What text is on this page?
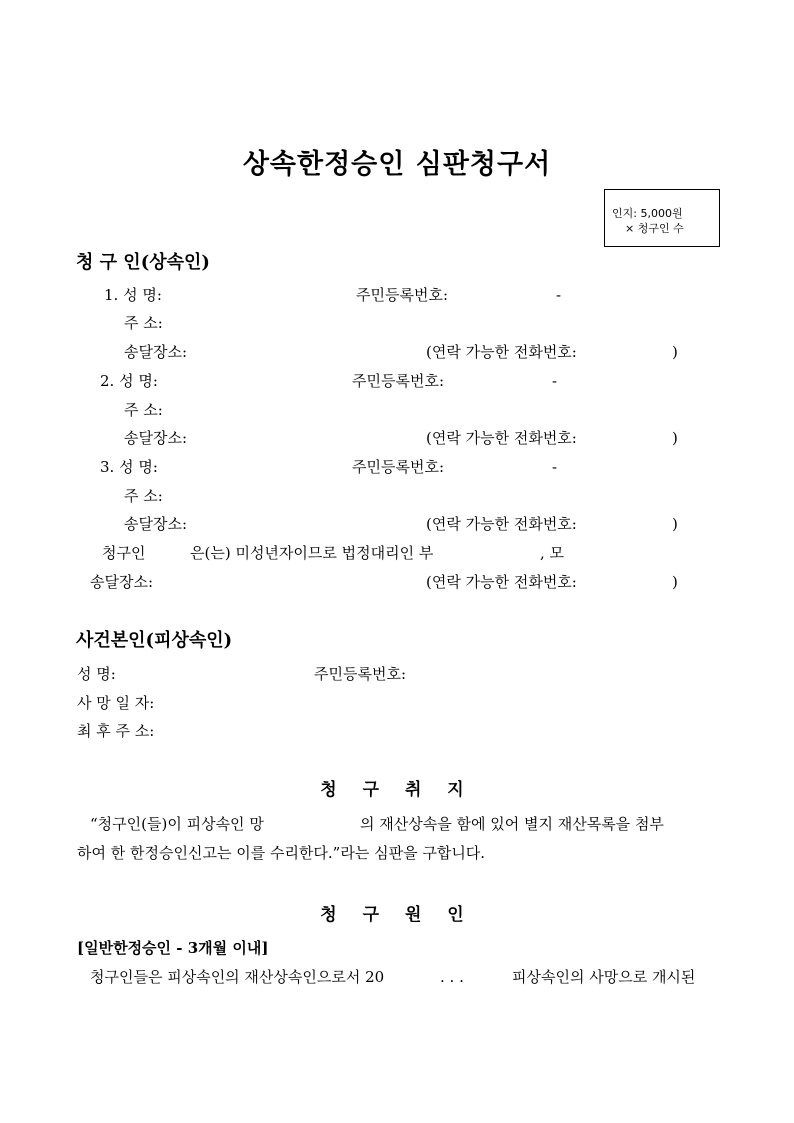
상속한정승인 심판청구서
인지: 5,000원
× 청구인 수
청 구 인(상속인)
1. 성 명:	주민등록번호:	-
주 소:
송달장소:	(연락 가능한 전화번호:	)
2. 성 명:	주민등록번호:	-
주 소:
송달장소:	(연락 가능한 전화번호:	)
3. 성 명:	주민등록번호:	-
주 소:
송달장소:	(연락 가능한 전화번호:	)
청구인	은(는) 미성년자이므로 법정대리인 부	, 모
송달장소:	(연락 가능한 전화번호:	)
사건본인(피상속인)
성 명:	주민등록번호:
사 망 일 자:
최 후 주 소:
청 구 취 지
“청구인(들)이 피상속인 망	의 재산상속을 함에 있어 별지 재산목록을 첨부
하여 한 한정승인신고는 이를 수리한다.”라는 심판을 구합니다.
청 구 원 인
[일반한정승인 - 3개월 이내]
청구인들은 피상속인의 재산상속인으로서 20	. . .	피상속인의 사망으로 개시된
